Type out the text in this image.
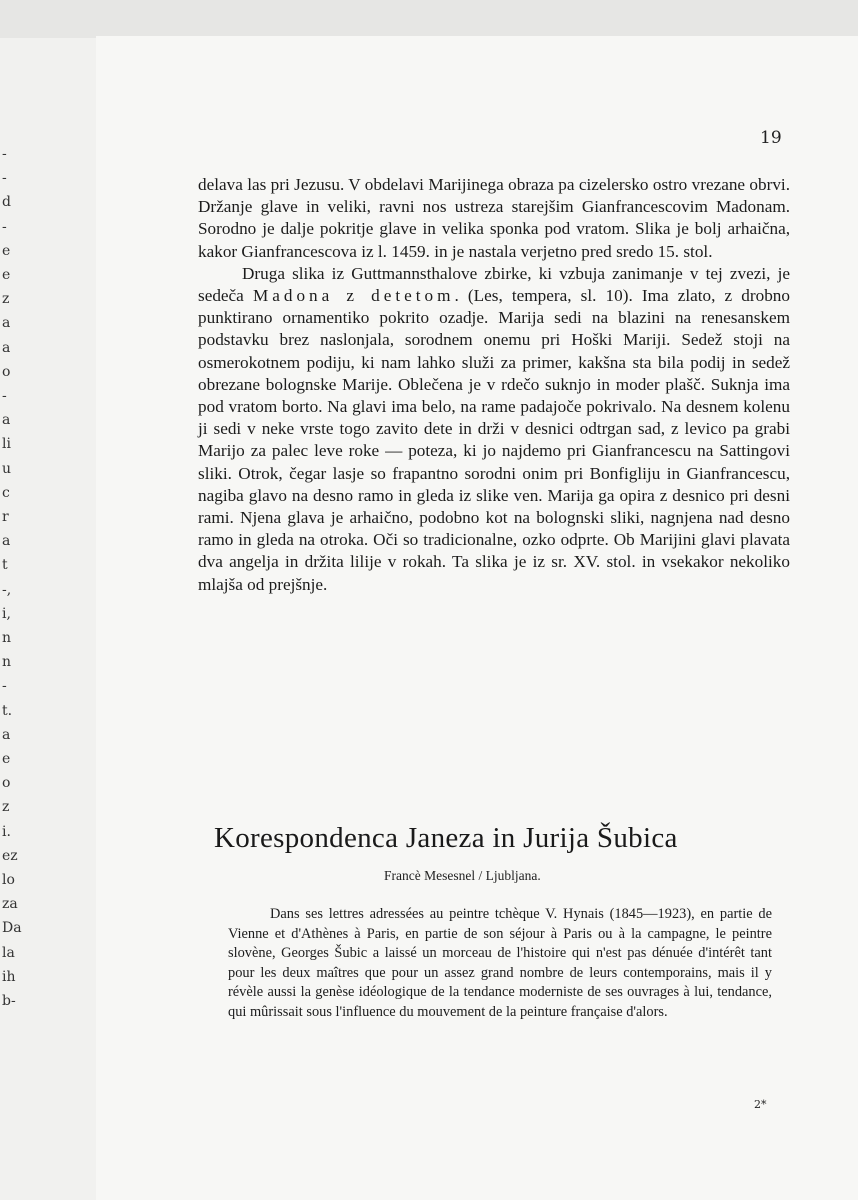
-
-
d
-
e
e
z
a
a
o
-
a
li
u
c
r
a
t
-,
i,
n
n
-
t.
a
e
o
z
i.
ez
lo
za
Da
la
ih
b-
19

delava las pri Jezusu. V obdelavi Marijinega obraza pa cizelersko ostro vrezane obrvi. Držanje glave in veliki, ravni nos ustreza starejšim Gianfrancescovim Madonam. Sorodno je dalje pokritje glave in velika sponka pod vratom. Slika je bolj arhaična, kakor Gianfrancescova iz l. 1459. in je nastala verjetno pred sredo 15. stol.

Druga slika iz Guttmannsthalove zbirke, ki vzbuja zanimanje v tej zvezi, je sedeča Madona z detetom. (Les, tempera, sl. 10). Ima zlato, z drobno punktirano ornamentiko pokrito ozadje. Marija sedi na blazini na renesanskem podstavku brez naslonjala, sorodnem onemu pri Hoški Mariji. Sedež stoji na osmerokotnem podiju, ki nam lahko služi za primer, kakšna sta bila podij in sedež obrezane bolognske Marije. Oblečena je v rdečo suknjo in moder plašč. Suknja ima pod vratom borto. Na glavi ima belo, na rame padajoče pokrivalo. Na desnem kolenu ji sedi v neke vrste togo zavito dete in drži v desnici odtrgan sad, z levico pa grabi Marijo za palec leve roke — poteza, ki jo najdemo pri Gianfrancescu na Sattingovi sliki. Otrok, čegar lasje so frapantno sorodni onim pri Bonfigliju in Gianfrancescu, nagiba glavo na desno ramo in gleda iz slike ven. Marija ga opira z desnico pri desni rami. Njena glava je arhaično, podobno kot na bolognski sliki, nagnjena nad desno ramo in gleda na otroka. Oči so tradicionalne, ozko odprte. Ob Marijini glavi plavata dva angelja in držita lilije v rokah. Ta slika je iz sr. XV. stol. in vsekakor nekoliko mlajša od prejšnje.

Korespondenca Janeza in Jurija Šubica
Francè Mesesnel / Ljubljana.

Dans ses lettres adressées au peintre tchèque V. Hynais (1845—1923), en partie de Vienne et d'Athènes à Paris, en partie de son séjour à Paris ou à la campagne, le peintre slovène, Georges Šubic a laissé un morceau de l'histoire qui n'est pas dénuée d'intérêt tant pour les deux maîtres que pour un assez grand nombre de leurs contemporains, mais il y révèle aussi la genèse idéologique de la tendance moderniste de ses ouvrages à lui, tendance, qui mûrissait sous l'influence du mouvement de la peinture française d'alors.

2*
